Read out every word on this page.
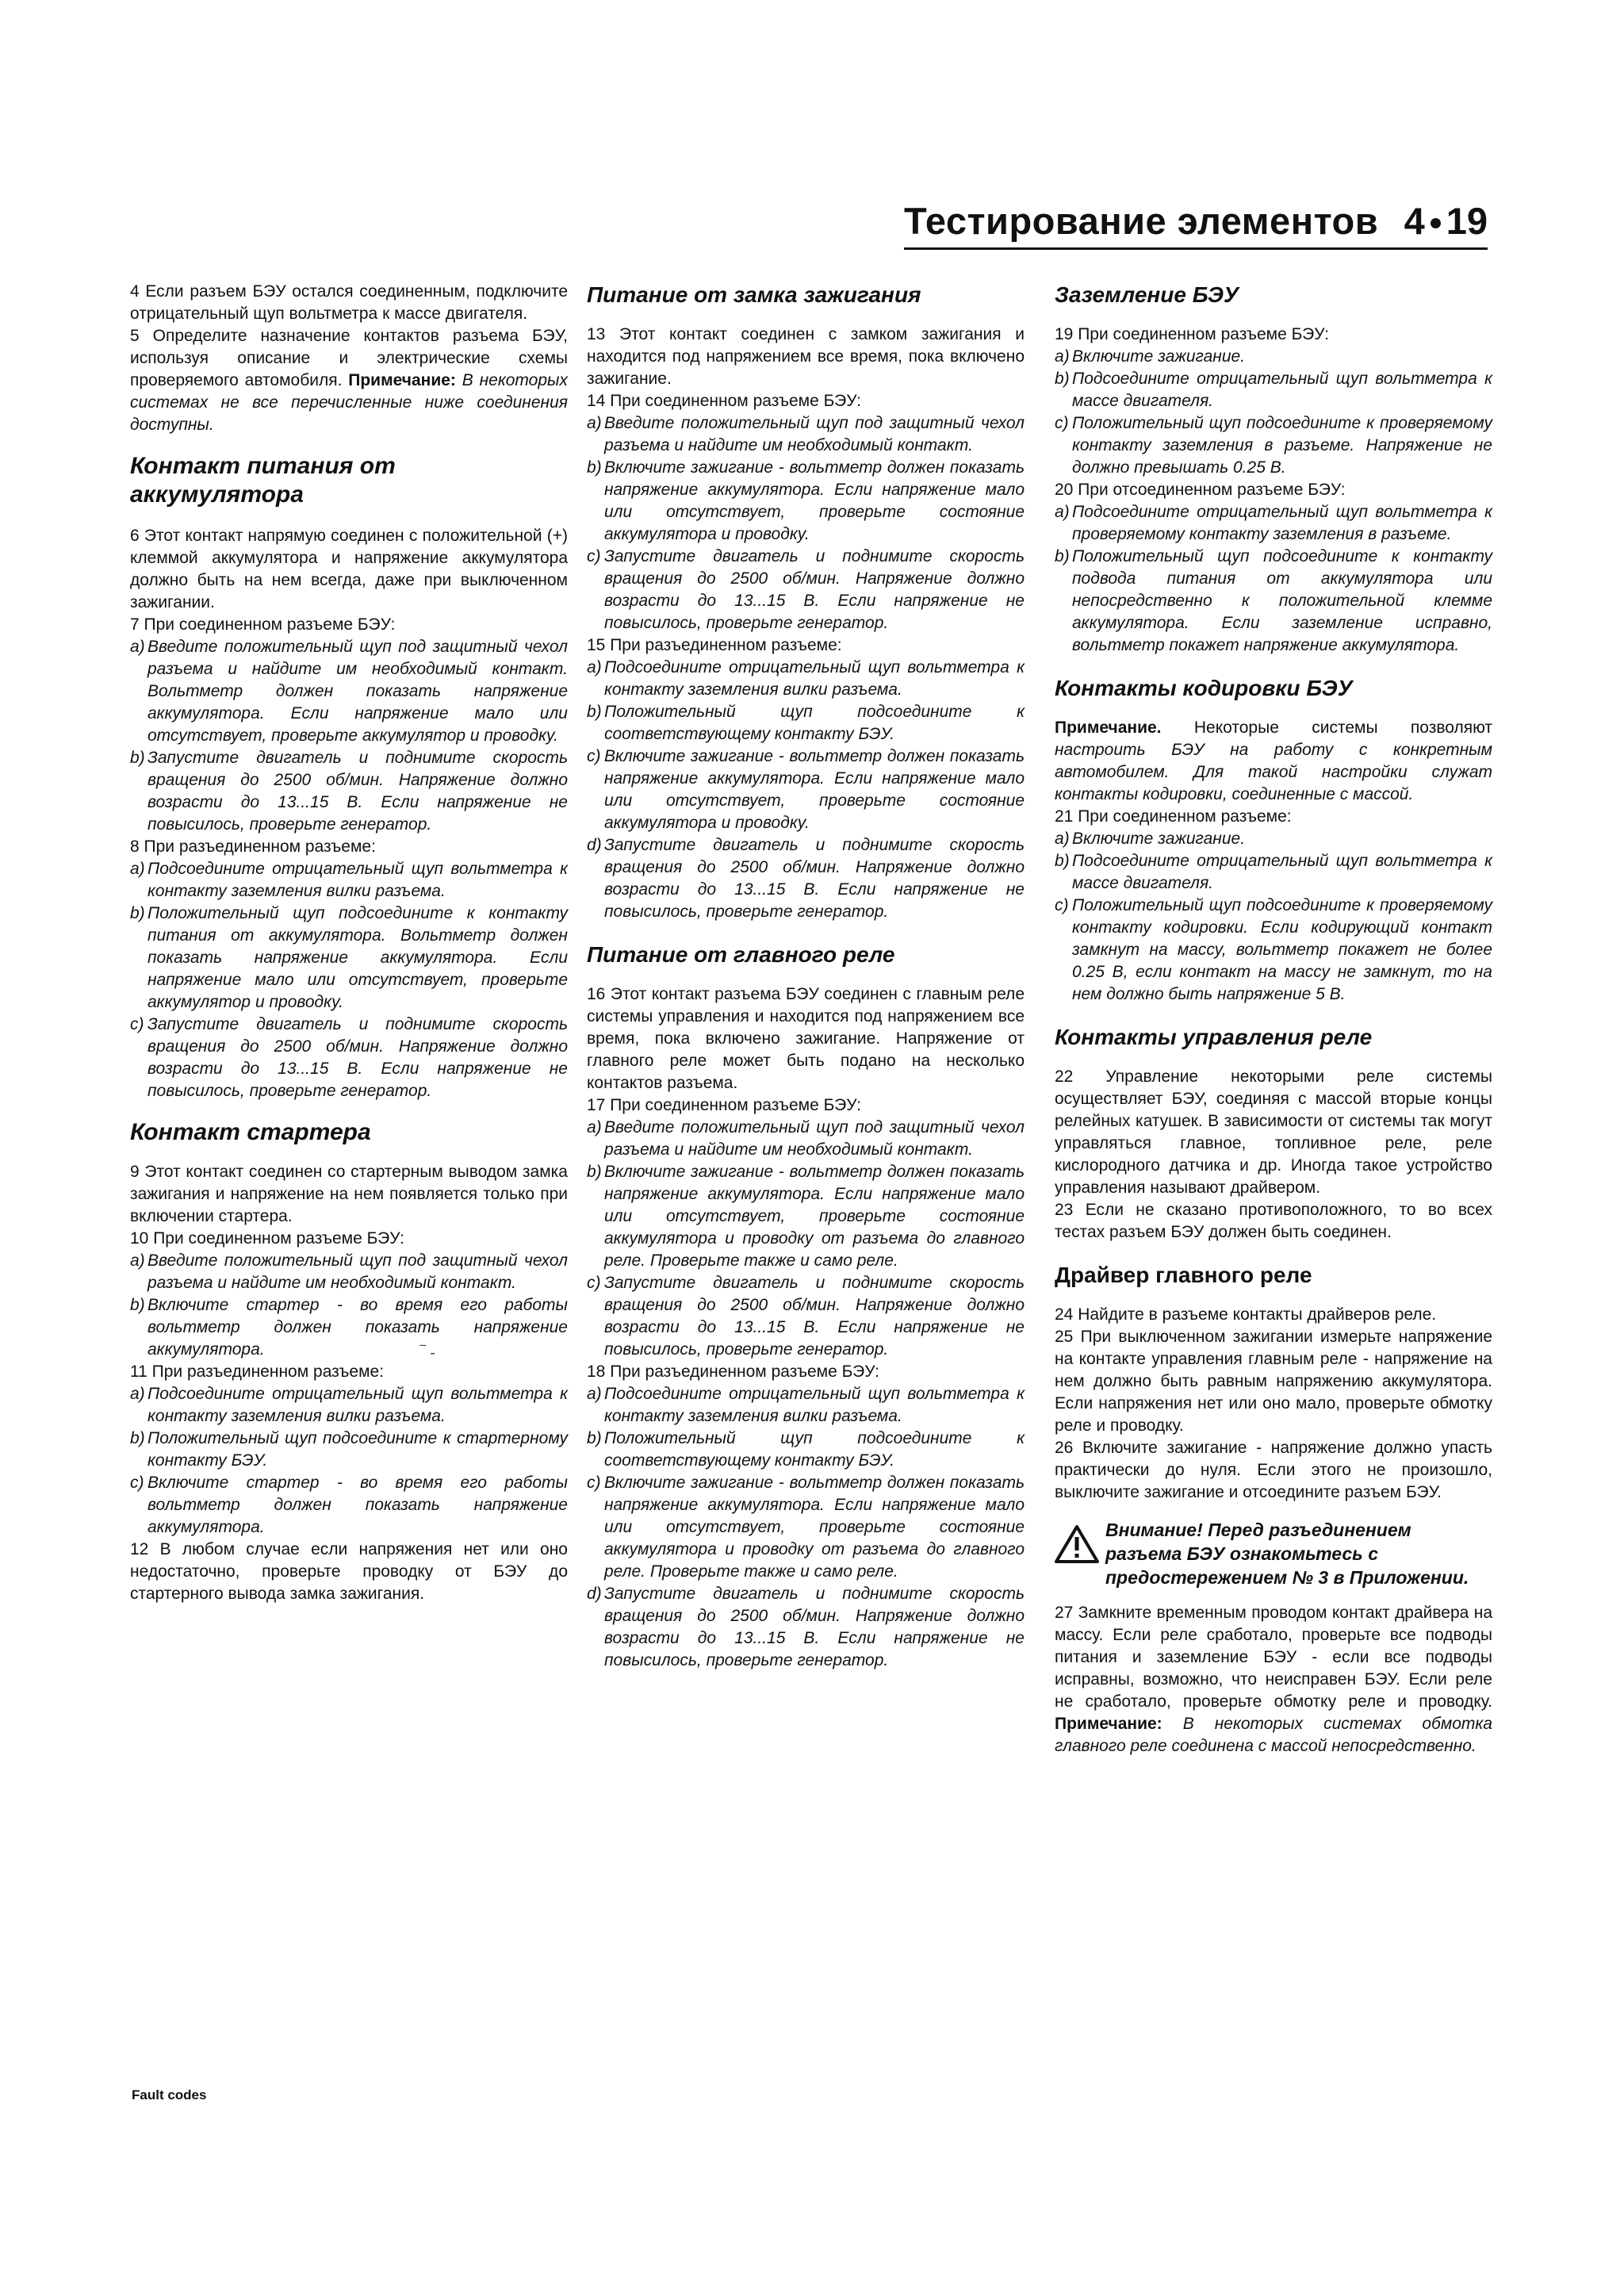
Тестирование элементов 4 19

4 Если разъем БЭУ остался соединенным, подключите отрицательный щуп вольтметра к массе двигателя.

5 Определите назначение контактов разъема БЭУ, используя описание и электрические схемы проверяемого автомобиля. Примечание: В некоторых системах не все перечисленные ниже соединения доступны.

Контакт питания от аккумулятора

6 Этот контакт напрямую соединен с положительной (+) клеммой аккумулятора и напряжение аккумулятора должно быть на нем всегда, даже при выключенном зажигании.

7 При соединенном разъеме БЭУ:

a) Введите положительный щуп под защитный чехол разъема и найдите им необходимый контакт. Вольтметр должен показать напряжение аккумулятора. Если напряжение мало или отсутствует, проверьте аккумулятор и проводку.
b) Запустите двигатель и поднимите скорость вращения до 2500 об/мин. Напряжение должно возрасти до 13...15 В. Если напряжение не повысилось, проверьте генератор.

8 При разъединенном разъеме:

a) Подсоедините отрицательный щуп вольтметра к контакту заземления вилки разъема.
b) Положительный щуп подсоедините к контакту питания от аккумулятора. Вольтметр должен показать напряжение аккумулятора. Если напряжение мало или отсутствует, проверьте аккумулятор и проводку.
c) Запустите двигатель и поднимите скорость вращения до 2500 об/мин. Напряжение должно возрасти до 13...15 В. Если напряжение не повысилось, проверьте генератор.
Контакт стартера

9 Этот контакт соединен со стартерным выводом замка зажигания и напряжение на нем появляется только при включении стартера.

10 При соединенном разъеме БЭУ:

a) Введите положительный щуп под защитный чехол разъема и найдите им необходимый контакт.
b) Включите стартер - во время его работы вольтметр должен показать напряжение аккумулятора.

11 При разъединенном разъеме:

a) Подсоедините отрицательный щуп вольтметра к контакту заземления вилки разъема.
b) Положительный щуп подсоедините к стартерному контакту БЭУ.
c) Включите стартер - во время его работы вольтметр должен показать напряжение аккумулятора.

12 В любом случае если напряжения нет или оно недостаточно, проверьте проводку от БЭУ до стартерного вывода замка зажигания.

Питание от замка зажигания

13 Этот контакт соединен с замком зажигания и находится под напряжением все время, пока включено зажигание.

14 При соединенном разъеме БЭУ:

a) Введите положительный щуп под защитный чехол разъема и найдите им необходимый контакт.
b) Включите зажигание - вольтметр должен показать напряжение аккумулятора. Если напряжение мало или отсутствует, проверьте состояние аккумулятора и проводку.
c) Запустите двигатель и поднимите скорость вращения до 2500 об/мин. Напряжение должно возрасти до 13...15 В. Если напряжение не повысилось, проверьте генератор.

15 При разъединенном разъеме:

a) Подсоедините отрицательный щуп вольтметра к контакту заземления вилки разъема.
b) Положительный щуп подсоедините к соответствующему контакту БЭУ.
c) Включите зажигание - вольтметр должен показать напряжение аккумулятора. Если напряжение мало или отсутствует, проверьте состояние аккумулятора и проводку.
d) Запустите двигатель и поднимите скорость вращения до 2500 об/мин. Напряжение должно возрасти до 13...15 В. Если напряжение не повысилось, проверьте генератор.
Питание от главного реле

16 Этот контакт разъема БЭУ соединен с главным реле системы управления и находится под напряжением все время, пока включено зажигание. Напряжение от главного реле может быть подано на несколько контактов разъема.

17 При соединенном разъеме БЭУ:

a) Введите положительный щуп под защитный чехол разъема и найдите им необходимый контакт.
b) Включите зажигание - вольтметр должен показать напряжение аккумулятора. Если напряжение мало или отсутствует, проверьте состояние аккумулятора и проводку от разъема до главного реле. Проверьте также и само реле.
c) Запустите двигатель и поднимите скорость вращения до 2500 об/мин. Напряжение должно возрасти до 13...15 В. Если напряжение не повысилось, проверьте генератор.

18 При разъединенном разъеме БЭУ:

a) Подсоедините отрицательный щуп вольтметра к контакту заземления вилки разъема.
b) Положительный щуп подсоедините к соответствующему контакту БЭУ.
c) Включите зажигание - вольтметр должен показать напряжение аккумулятора. Если напряжение мало или отсутствует, проверьте состояние аккумулятора и проводку от разъема до главного реле. Проверьте также и само реле.
d) Запустите двигатель и поднимите скорость вращения до 2500 об/мин. Напряжение должно возрасти до 13...15 В. Если напряжение не повысилось, проверьте генератор.
Заземление БЭУ

19 При соединенном разъеме БЭУ:

a) Включите зажигание.
b) Подсоедините отрицательный щуп вольтметра к массе двигателя.
c) Положительный щуп подсоедините к проверяемому контакту заземления в разъеме. Напряжение не должно превышать 0.25 В.

20 При отсоединенном разъеме БЭУ:

a) Подсоедините отрицательный щуп вольтметра к проверяемому контакту заземления в разъеме.
b) Положительный щуп подсоедините к контакту подвода питания от аккумулятора или непосредственно к положительной клемме аккумулятора. Если заземление исправно, вольтметр покажет напряжение аккумулятора.
Контакты кодировки БЭУ

Примечание. Некоторые системы позволяют настроить БЭУ на работу с конкретным автомобилем. Для такой настройки служат контакты кодировки, соединенные с массой.

21 При соединенном разъеме:

a) Включите зажигание.
b) Подсоедините отрицательный щуп вольтметра к массе двигателя.
c) Положительный щуп подсоедините к проверяемому контакту кодировки. Если кодирующий контакт замкнут на массу, вольтметр покажет не более 0.25 В, если контакт на массу не замкнут, то на нем должно быть напряжение 5 В.
Контакты управления реле

22 Управление некоторыми реле системы осуществляет БЭУ, соединяя с массой вторые концы релейных катушек. В зависимости от системы так могут управляться главное, топливное реле, реле кислородного датчика и др. Иногда такое устройство управления называют драйвером.

23 Если не сказано противоположного, то во всех тестах разъем БЭУ должен быть соединен.

Драйвер главного реле

24 Найдите в разъеме контакты драйверов реле.

25 При выключенном зажигании измерьте напряжение на контакте управления главным реле - напряжение на нем должно быть равным напряжению аккумулятора. Если напряжения нет или оно мало, проверьте обмотку реле и проводку.

26 Включите зажигание - напряжение должно упасть практически до нуля. Если этого не произошло, выключите зажигание и отсоедините разъем БЭУ.

Внимание! Перед разъединением разъема БЭУ ознакомьтесь с предостережением № 3 в Приложении.

27 Замкните временным проводом контакт драйвера на массу. Если реле сработало, проверьте все подводы питания и заземление БЭУ - если все подводы исправны, возможно, что неисправен БЭУ. Если реле не сработало, проверьте обмотку реле и проводку. Примечание: В некоторых системах обмотка главного реле соединена с массой непосредственно.

‾ -
Fault codes
